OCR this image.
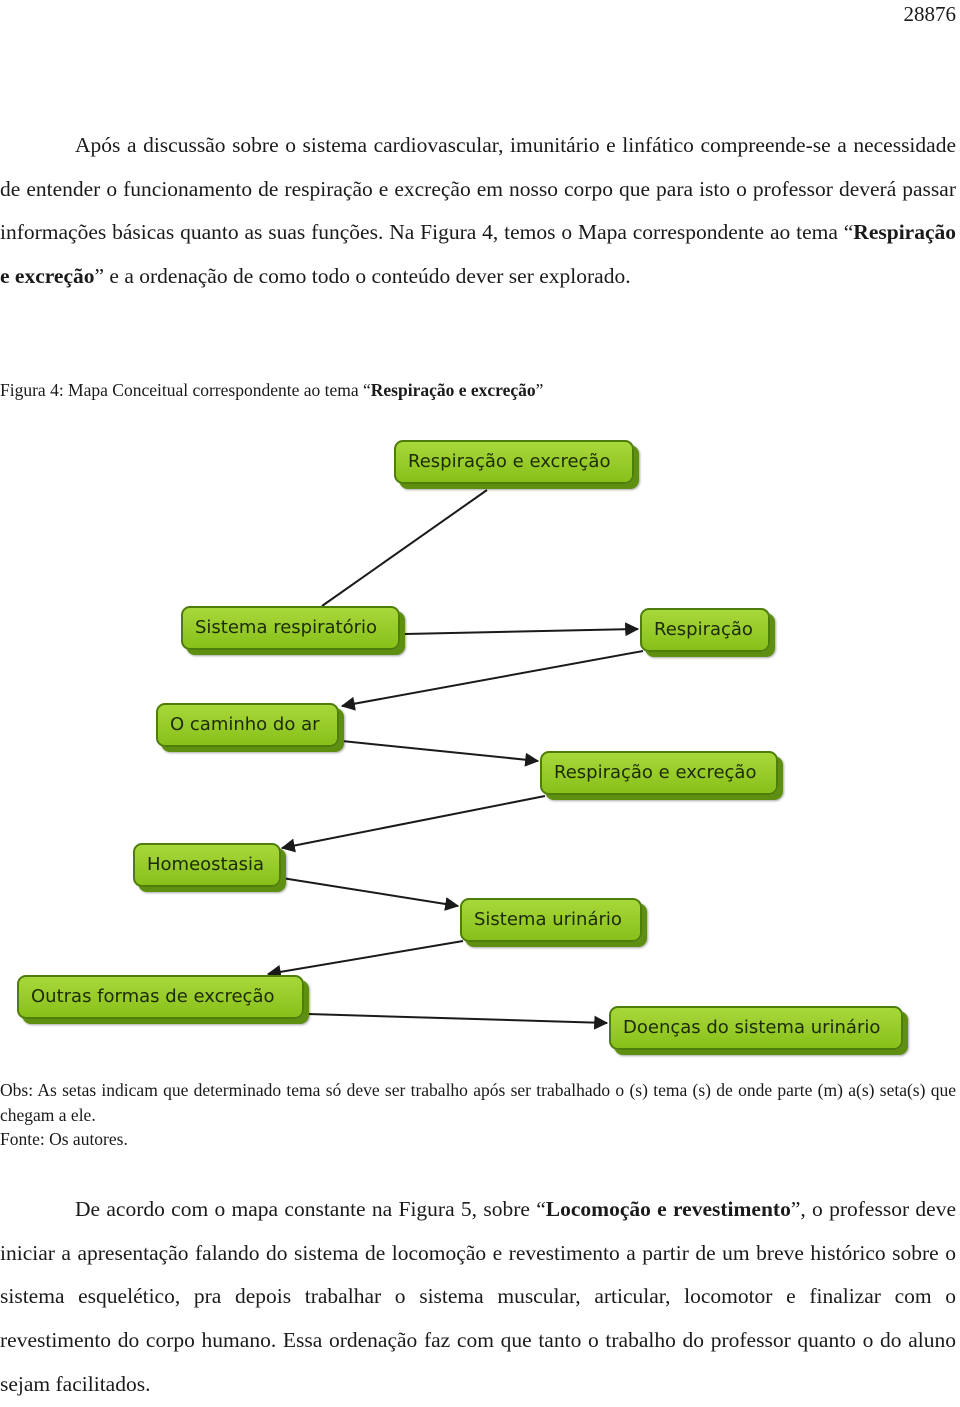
28876

Após a discussão sobre o sistema cardiovascular, imunitário e linfático compreende-se a necessidade de entender o funcionamento de respiração e excreção em nosso corpo que para isto o professor deverá passar informações básicas quanto as suas funções. Na Figura 4, temos o Mapa correspondente ao tema “Respiração e excreção” e a ordenação de como todo o conteúdo dever ser explorado.

Figura 4: Mapa Conceitual correspondente ao tema “Respiração e excreção”
Respiração e excreção
Sistema respiratório	Respiração
O caminho do ar
Respiração e excreção
Homeostasia
Sistema urinário
Outras formas de excreção
Doenças do sistema urinário
Obs: As setas indicam que determinado tema só deve ser trabalho após ser trabalhado o (s) tema (s) de onde parte (m) a(s) seta(s) que chegam a ele.
Fonte: Os autores.

De acordo com o mapa constante na Figura 5, sobre “Locomoção e revestimento”, o professor deve iniciar a apresentação falando do sistema de locomoção e revestimento a partir de um breve histórico sobre o sistema esquelético, pra depois trabalhar o sistema muscular, articular, locomotor e finalizar com o revestimento do corpo humano. Essa ordenação faz com que tanto o trabalho do professor quanto o do aluno sejam facilitados.
